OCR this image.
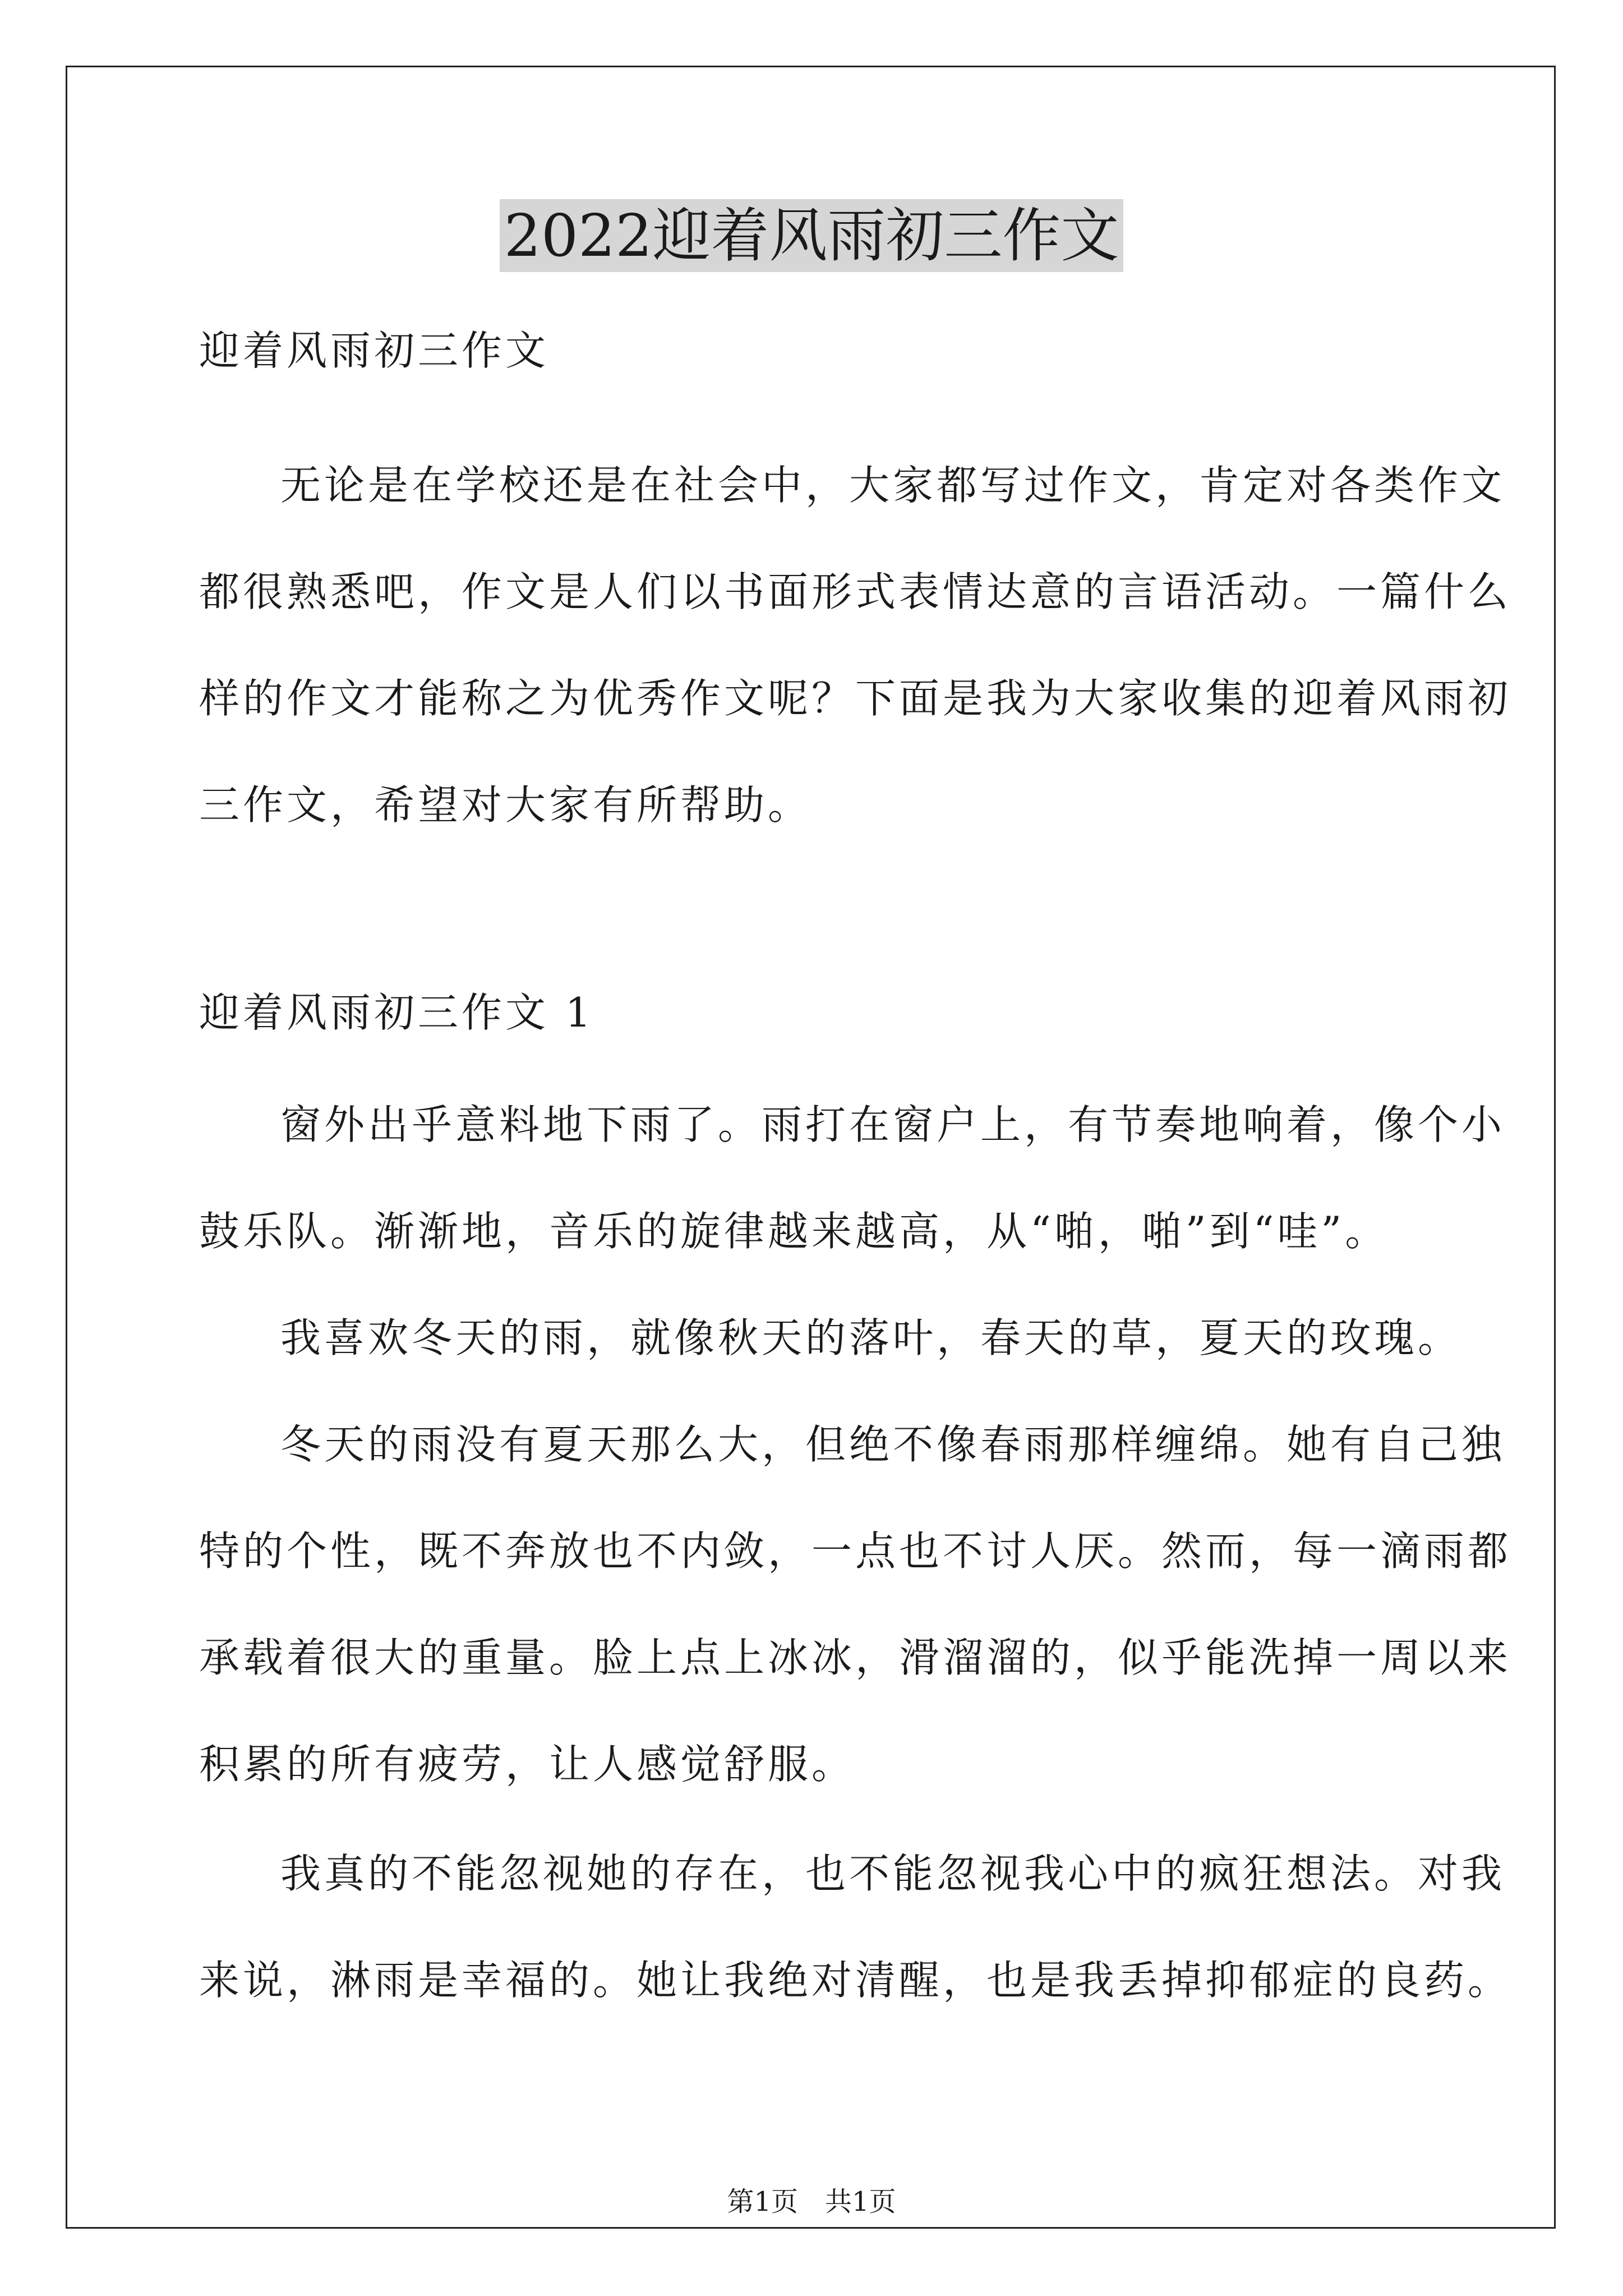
2022迎着风雨初三作文
迎着风雨初三作文
无论是在学校还是在社会中，大家都写过作文，肯定对各类作文
都很熟悉吧，作文是人们以书面形式表情达意的言语活动。一篇什么
样的作文才能称之为优秀作文呢？下面是我为大家收集的迎着风雨初
三作文，希望对大家有所帮助。
迎着风雨初三作文 1
窗外出乎意料地下雨了。雨打在窗户上，有节奏地响着，像个小
鼓乐队。渐渐地，音乐的旋律越来越高，从“啪，啪”到“哇”。
我喜欢冬天的雨，就像秋天的落叶，春天的草，夏天的玫瑰。
冬天的雨没有夏天那么大，但绝不像春雨那样缠绵。她有自己独
特的个性，既不奔放也不内敛，一点也不讨人厌。然而，每一滴雨都
承载着很大的重量。脸上点上冰冰，滑溜溜的，似乎能洗掉一周以来
积累的所有疲劳，让人感觉舒服。
我真的不能忽视她的存在，也不能忽视我心中的疯狂想法。对我
来说，淋雨是幸福的。她让我绝对清醒，也是我丢掉抑郁症的良药。
第1页　共1页
